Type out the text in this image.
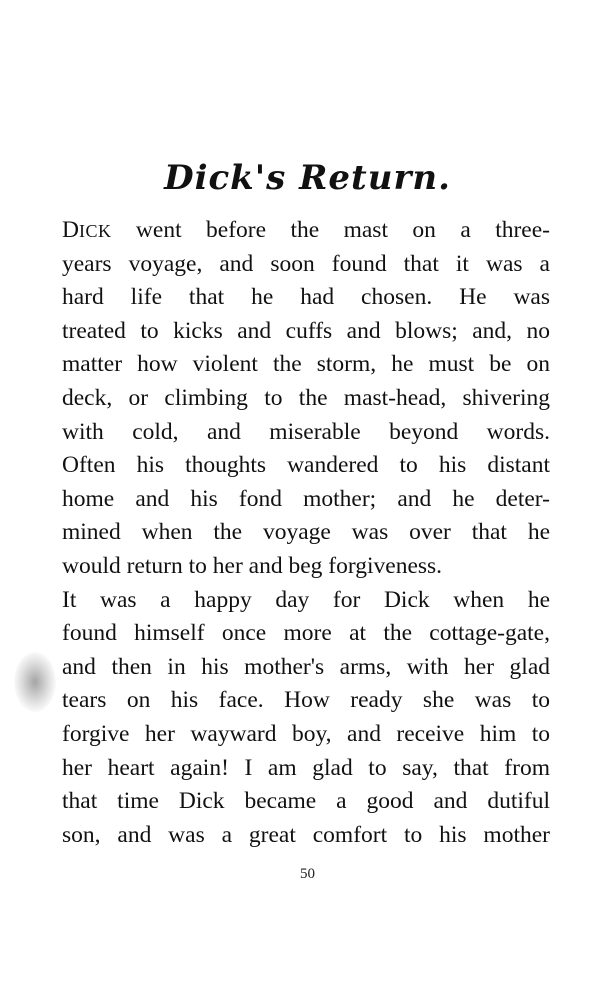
Dick's Return.
DICK went before the mast on a three-
years voyage, and soon found that it was a
hard life that he had chosen. He was
treated to kicks and cuffs and blows; and, no
matter how violent the storm, he must be on
deck, or climbing to the mast-head, shivering
with cold, and miserable beyond words.
Often his thoughts wandered to his distant
home and his fond mother; and he deter-
mined when the voyage was over that he
would return to her and beg forgiveness.
It was a happy day for Dick when he
found himself once more at the cottage-gate,
and then in his mother's arms, with her glad
tears on his face. How ready she was to
forgive her wayward boy, and receive him to
her heart again! I am glad to say, that from
that time Dick became a good and dutiful
son, and was a great comfort to his mother
50
